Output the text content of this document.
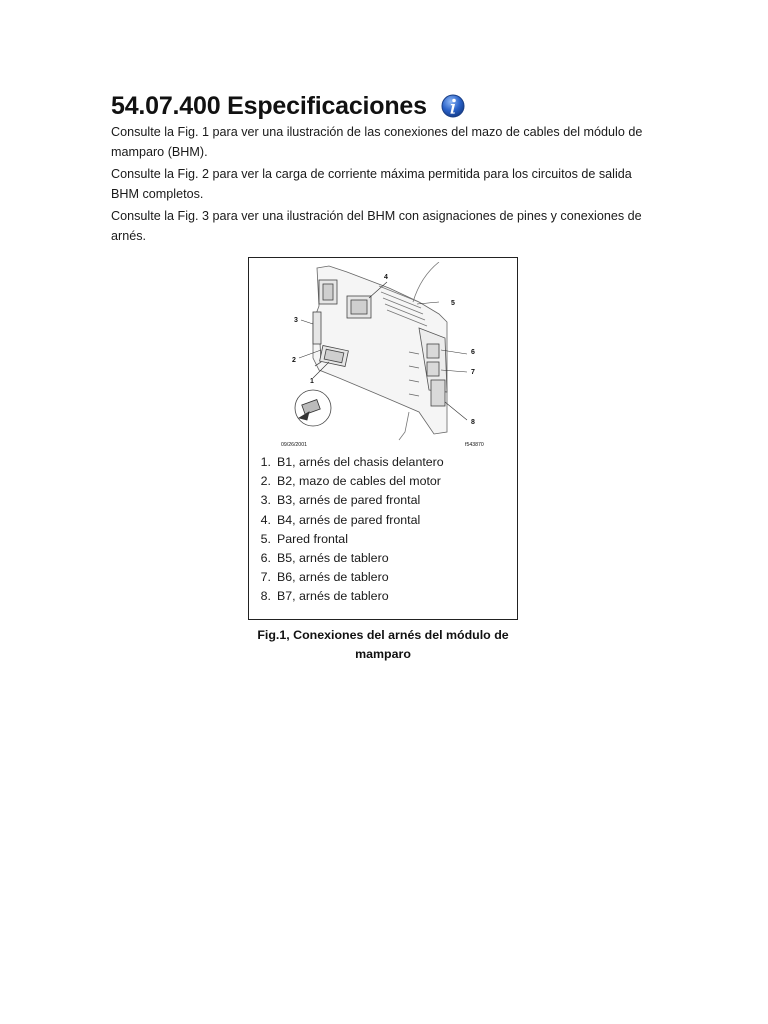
54.07.400 Especificaciones

Consulte la Fig. 1 para ver una ilustración de las conexiones del mazo de cables del módulo de mamparo (BHM).

Consulte la Fig. 2 para ver la carga de corriente máxima permitida para los circuitos de salida BHM completos.

Consulte la Fig. 3 para ver una ilustración del BHM con asignaciones de pines y conexiones de arnés.

1
2
3
4
5
6
7
8
09/26/2001	f543870
1. B1, arnés del chasis delantero
2. B2, mazo de cables del motor
3. B3, arnés de pared frontal
4. B4, arnés de pared frontal
5. Pared frontal
6. B5, arnés de tablero
7. B6, arnés de tablero
8. B7, arnés de tablero
Fig.1, Conexiones del arnés del módulo de mamparo
